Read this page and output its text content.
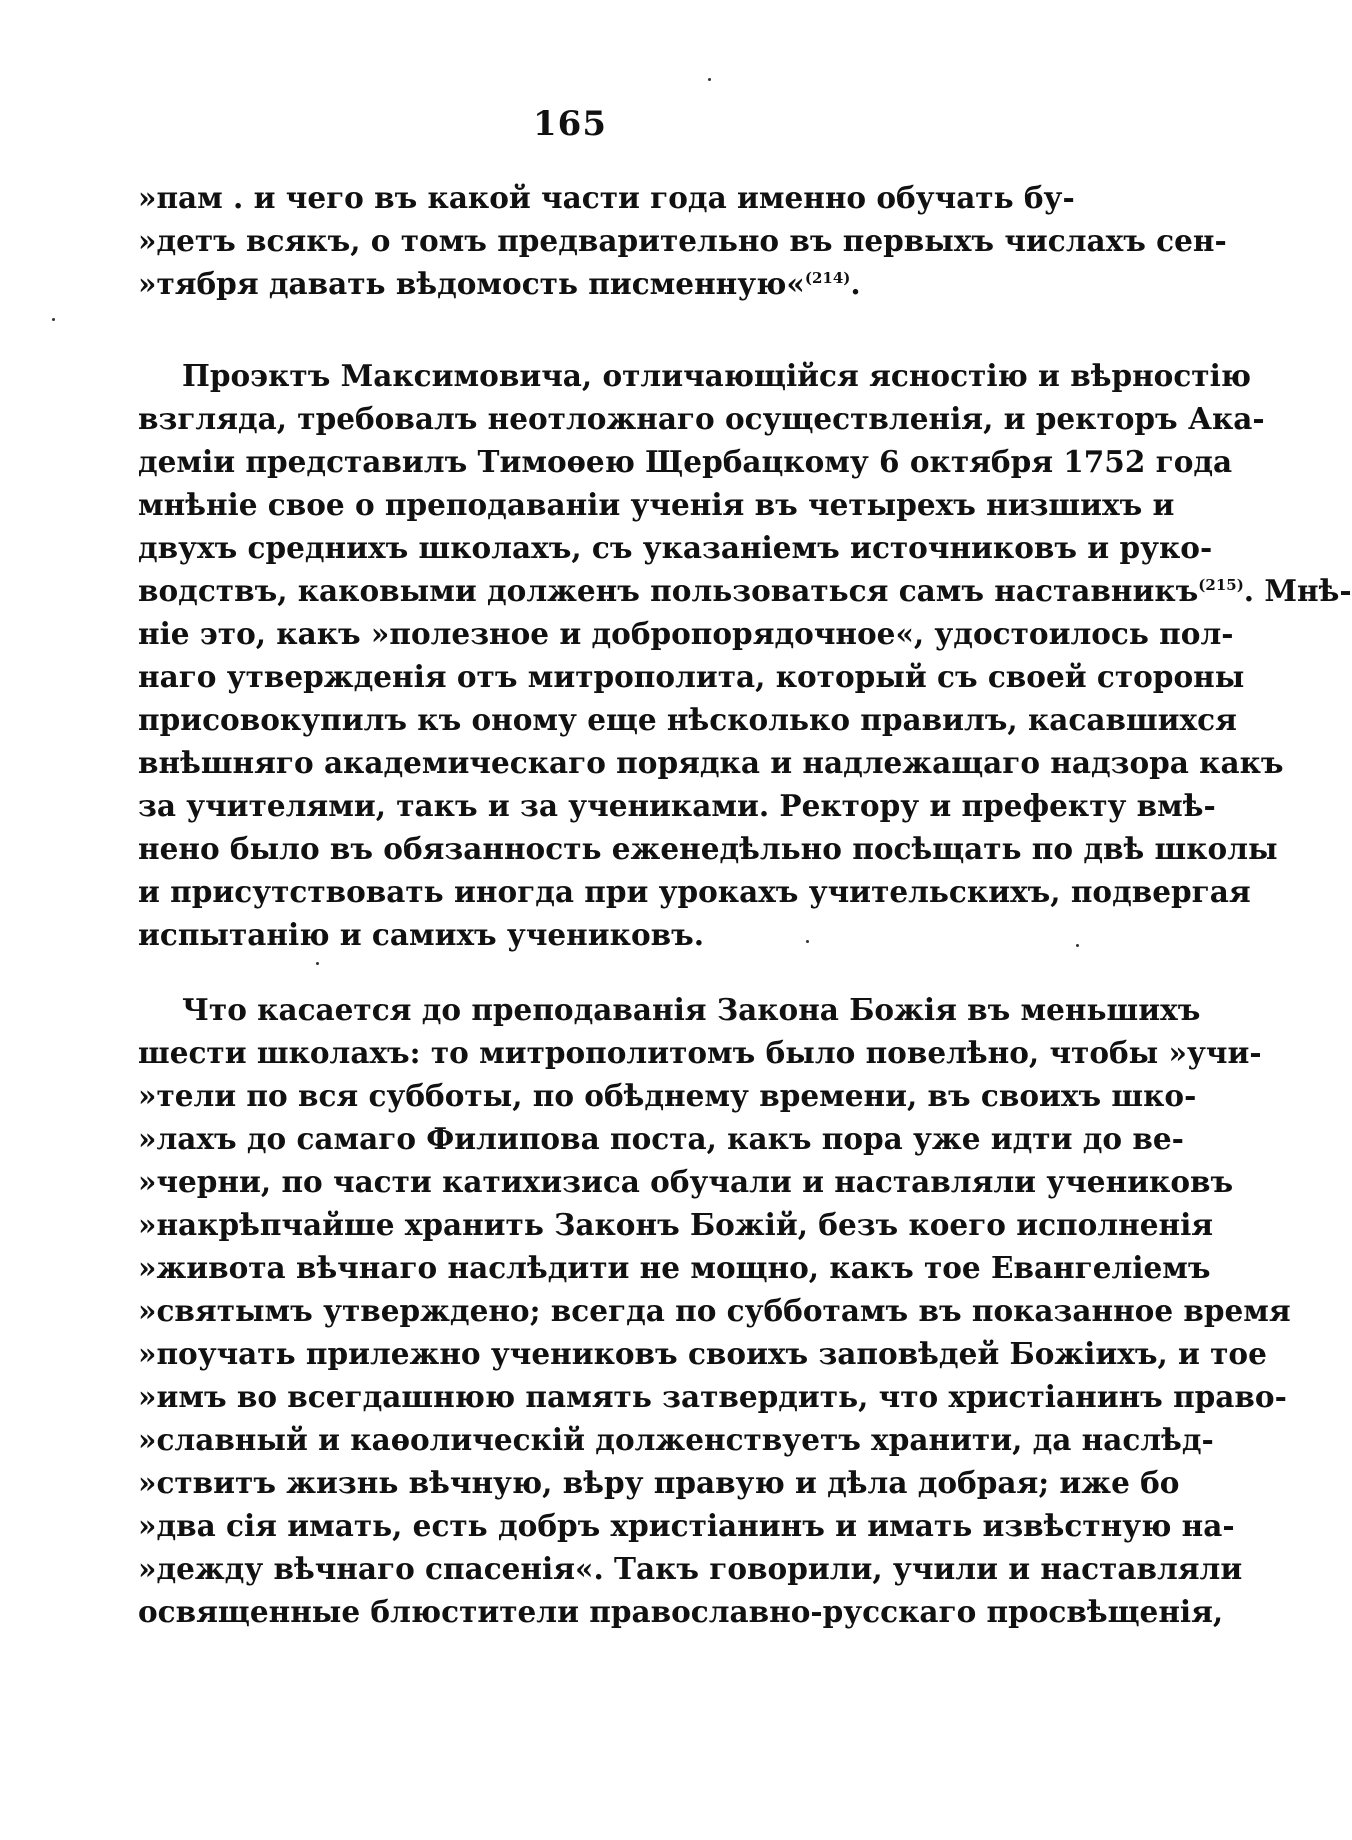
165
»пам . и чего въ какой части года именно обучать бу-
»детъ всякъ, о томъ предварительно въ первыхъ числахъ сен-
»тября давать вѣдомость писменную«$^{(214)}$.
Проэктъ Максимовича, отличающійся ясностію и вѣрностію
взгляда, требовалъ неотложнаго осуществленія, и ректоръ Ака-
деміи представилъ Тимоѳею Щербацкому 6 октября 1752 года
мнѣніе свое о преподаваніи ученія въ четырехъ низшихъ и
двухъ среднихъ школахъ, съ указаніемъ источниковъ и руко-
водствъ, каковыми долженъ пользоваться самъ наставникъ$^{(215)}$. Мнѣ-
ніе это, какъ »полезное и добропорядочное«, удостоилось пол-
наго утвержденія отъ митрополита, который съ своей стороны
присовокупилъ къ оному еще нѣсколько правилъ, касавшихся
внѣшняго академическаго порядка и надлежащаго надзора какъ
за учителями, такъ и за учениками. Ректору и префекту вмѣ-
нено было въ обязанность еженедѣльно посѣщать по двѣ школы
и присутствовать иногда при урокахъ учительскихъ, подвергая
испытанію и самихъ учениковъ.
Что касается до преподаванія Закона Божія въ меньшихъ
шести школахъ: то митрополитомъ было повелѣно, чтобы »учи-
»тели по вся субботы, по обѣднему времени, въ своихъ шко-
»лахъ до самаго Филипова поста, какъ пора уже идти до ве-
»черни, по части катихизиса обучали и наставляли учениковъ
»накрѣпчайше хранить Законъ Божій, безъ коего исполненія
»живота вѣчнаго наслѣдити не мощно, какъ тое Евангеліемъ
»святымъ утверждено; всегда по субботамъ въ показанное время
»поучать прилежно учениковъ своихъ заповѣдей Божіихъ, и тое
»имъ во всегдашнюю память затвердить, что христіанинъ право-
»славный и каѳолическій долженствуетъ хранити, да наслѣд-
»ствитъ жизнь вѣчную, вѣру правую и дѣла добрая; иже бо
»два сія имать, есть добръ христіанинъ и имать извѣстную на-
»дежду вѣчнаго спасенія«. Такъ говорили, учили и наставляли
освященные блюстители православно-русскаго просвѣщенія,
